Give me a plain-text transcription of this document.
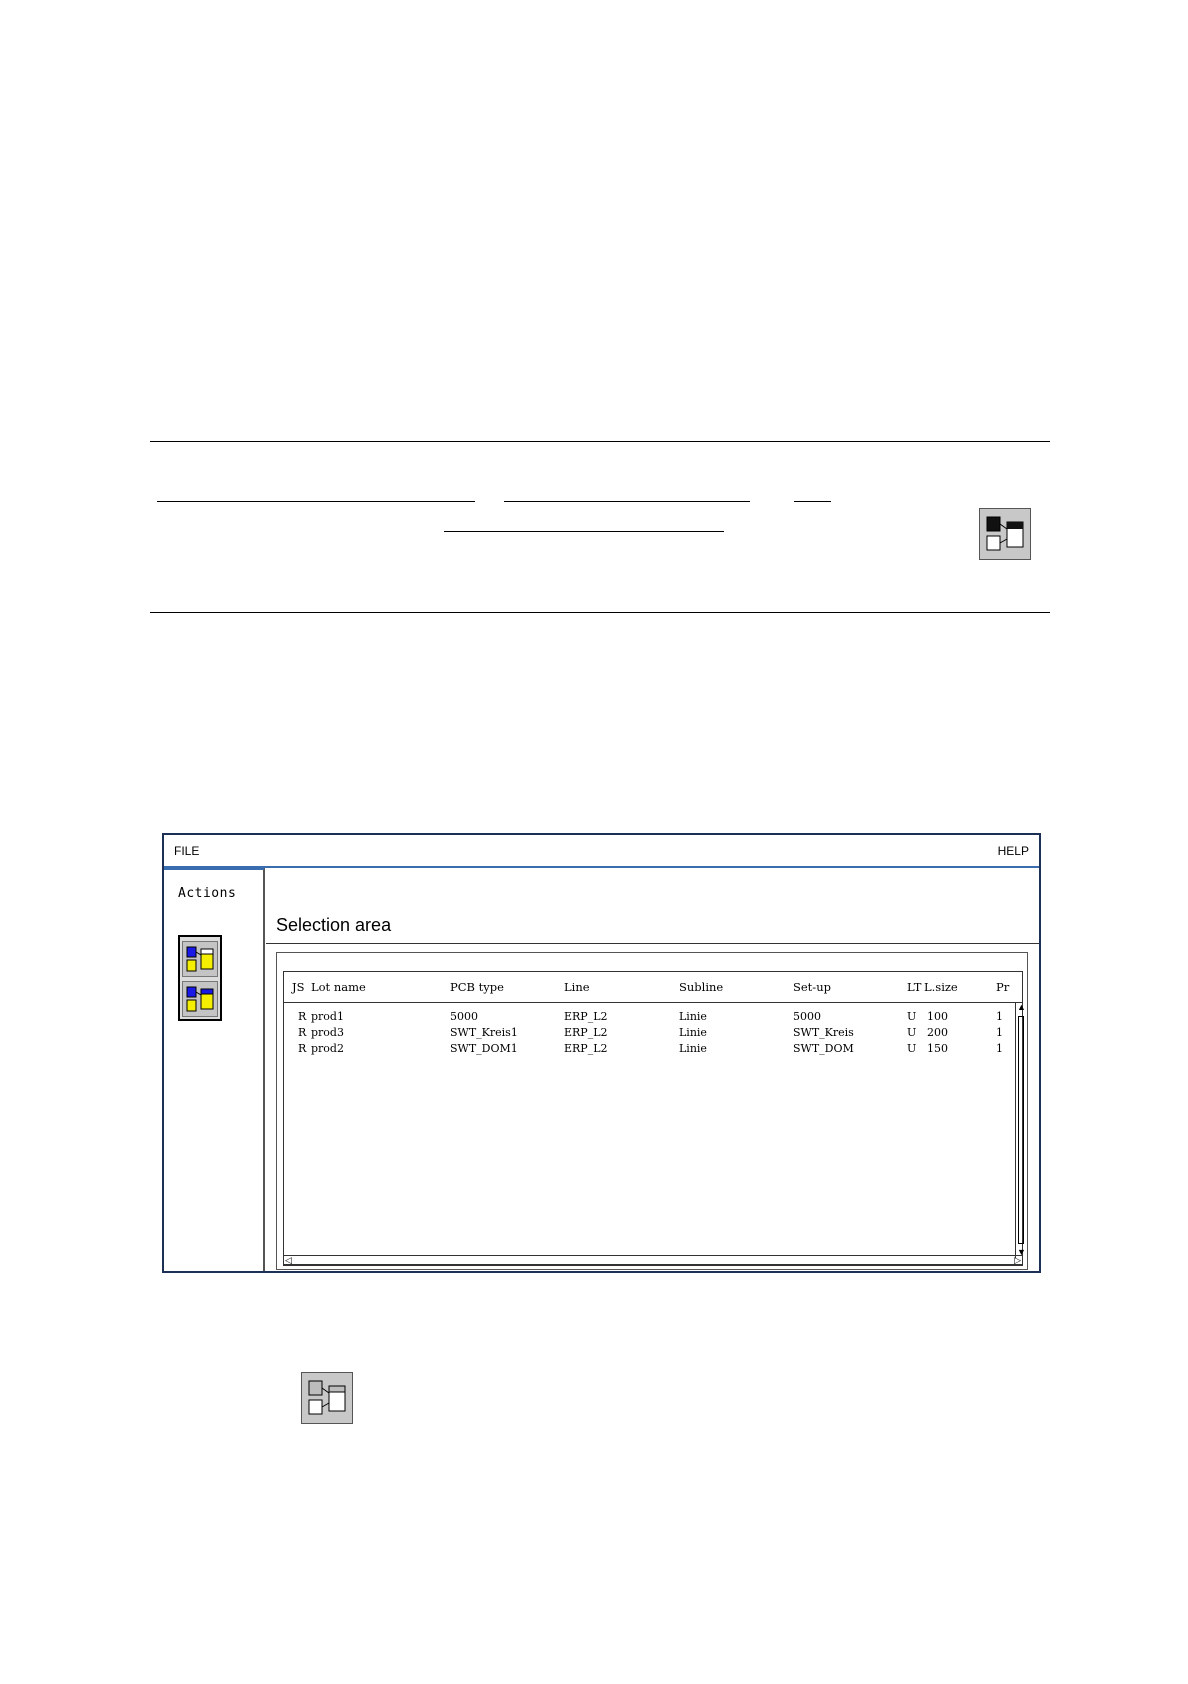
FILE	HELP
Actions
Selection area
JS Lot name	PCB type	Line	Subline	Set-up	LT L.size	Pr
R prod1	5000	ERP_L2	Linie	5000	U 100	1
R prod3	SWT_Kreis1	ERP_L2	Linie	SWT_Kreis	U 200	1
R prod2	SWT_DOM1	ERP_L2	Linie	SWT_DOM	U 150	1
▲
▼
◁	▷
